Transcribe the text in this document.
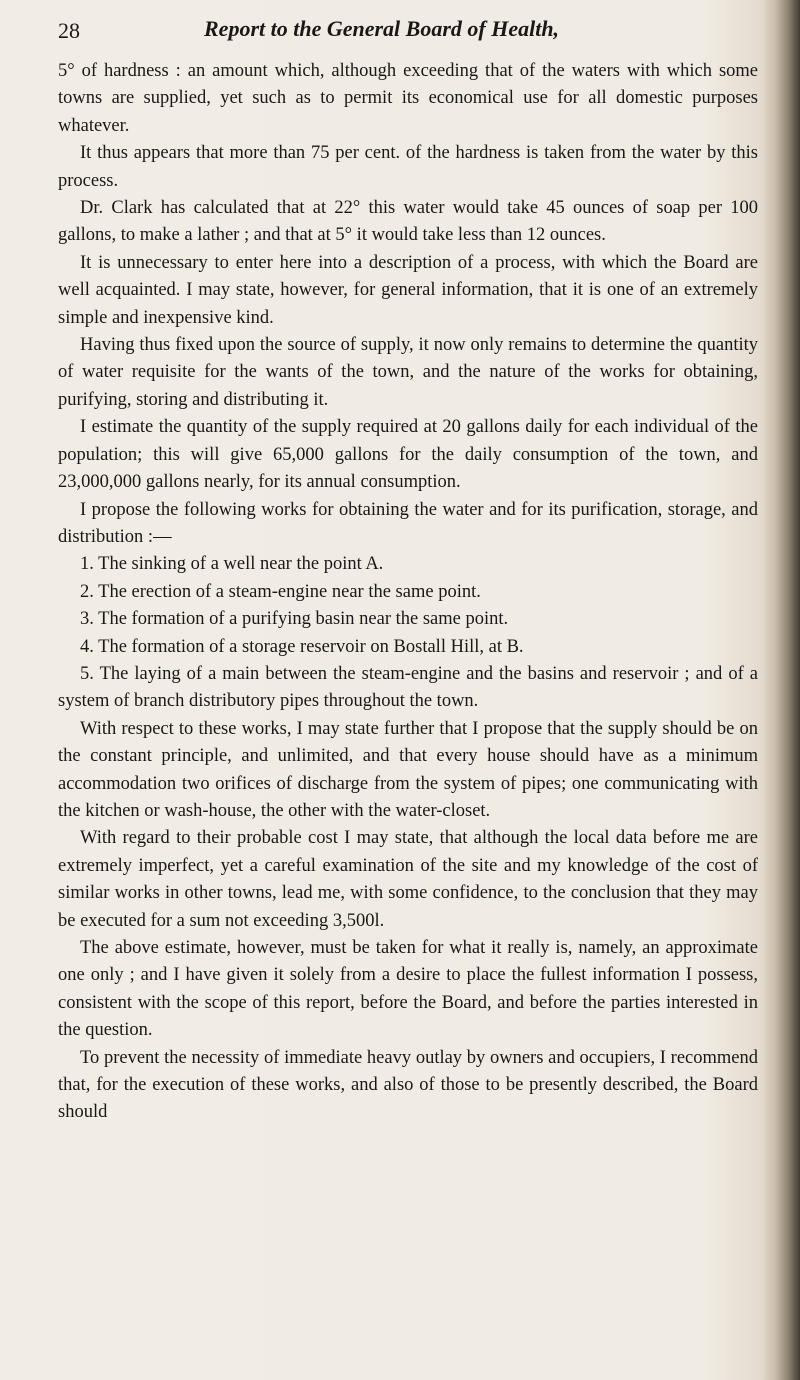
28	Report to the General Board of Health,

5° of hardness : an amount which, although exceeding that of the waters with which some towns are supplied, yet such as to permit its economical use for all domestic purposes whatever.

It thus appears that more than 75 per cent. of the hardness is taken from the water by this process.

Dr. Clark has calculated that at 22° this water would take 45 ounces of soap per 100 gallons, to make a lather ; and that at 5° it would take less than 12 ounces.

It is unnecessary to enter here into a description of a process, with which the Board are well acquainted. I may state, however, for general information, that it is one of an extremely simple and inexpensive kind.

Having thus fixed upon the source of supply, it now only remains to determine the quantity of water requisite for the wants of the town, and the nature of the works for obtaining, purifying, storing and distributing it.

I estimate the quantity of the supply required at 20 gallons daily for each individual of the population; this will give 65,000 gallons for the daily consumption of the town, and 23,000,000 gallons nearly, for its annual consumption.

I propose the following works for obtaining the water and for its purification, storage, and distribution :—

1. The sinking of a well near the point A.

2. The erection of a steam-engine near the same point.

3. The formation of a purifying basin near the same point.

4. The formation of a storage reservoir on Bostall Hill, at B.

5. The laying of a main between the steam-engine and the basins and reservoir ; and of a system of branch distributory pipes throughout the town.

With respect to these works, I may state further that I propose that the supply should be on the constant principle, and unlimited, and that every house should have as a minimum accommodation two orifices of discharge from the system of pipes; one communicating with the kitchen or wash-house, the other with the water-closet.

With regard to their probable cost I may state, that although the local data before me are extremely imperfect, yet a careful examination of the site and my knowledge of the cost of similar works in other towns, lead me, with some confidence, to the conclusion that they may be executed for a sum not exceeding 3,500l.

The above estimate, however, must be taken for what it really is, namely, an approximate one only ; and I have given it solely from a desire to place the fullest information I possess, consistent with the scope of this report, before the Board, and before the parties interested in the question.

To prevent the necessity of immediate heavy outlay by owners and occupiers, I recommend that, for the execution of these works, and also of those to be presently described, the Board should
